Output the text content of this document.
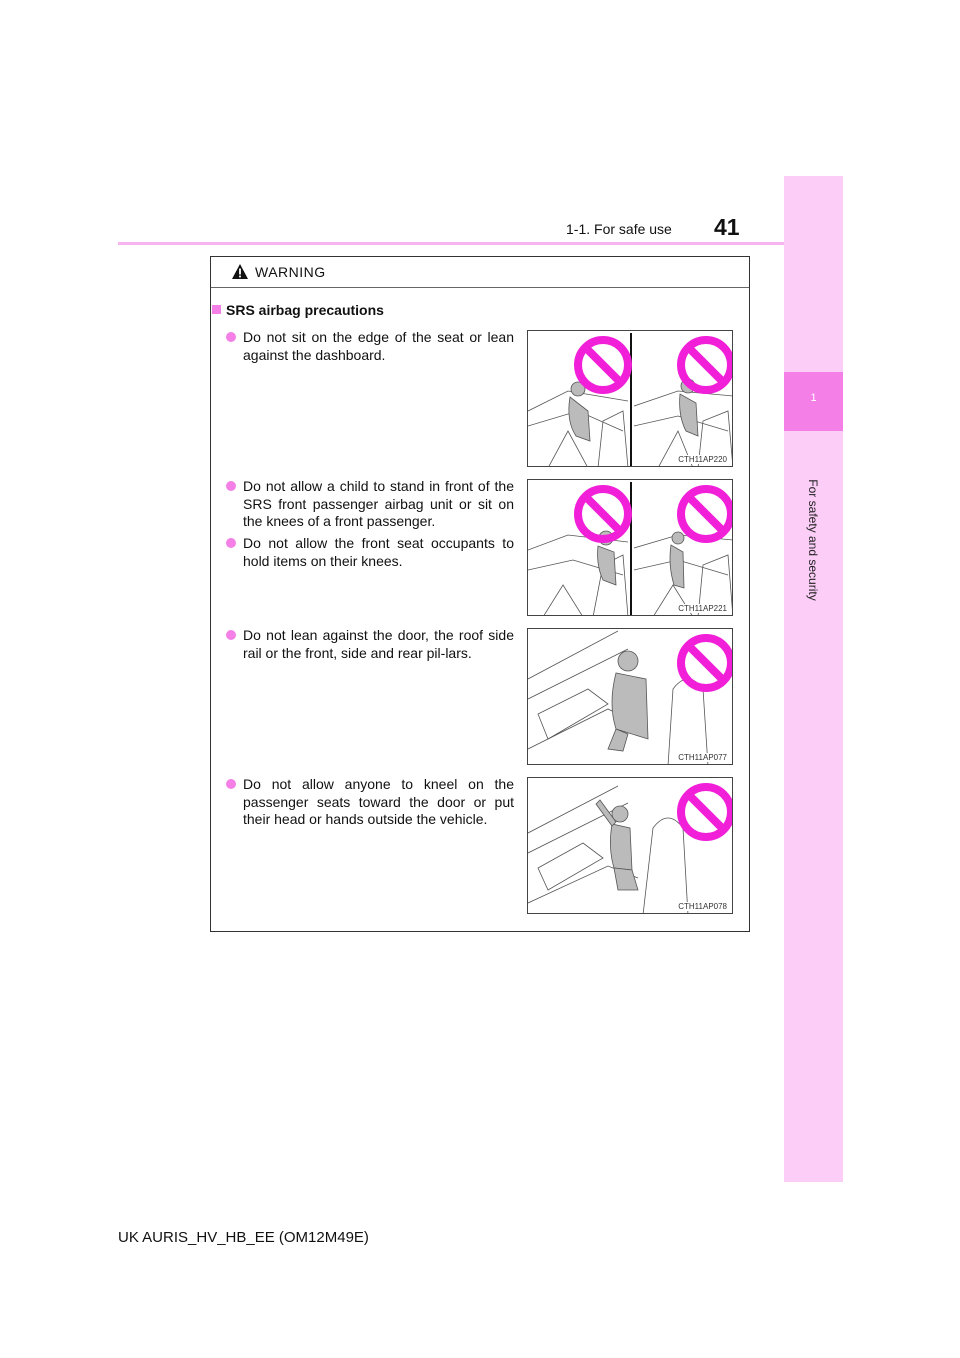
1-1. For safe use 41
1
For safety and security
WARNING
SRS airbag precautions
Do not sit on the edge of the seat or lean against the dashboard.
Do not allow a child to stand in front of the SRS front passenger airbag unit or sit on the knees of a front passenger.
Do not allow the front seat occupants to hold items on their knees.
Do not lean against the door, the roof side rail or the front, side and rear pil-lars.
Do not allow anyone to kneel on the passenger seats toward the door or put their head or hands outside the vehicle.
CTH11AP220
CTH11AP221
CTH11AP077
CTH11AP078
UK AURIS_HV_HB_EE (OM12M49E)
